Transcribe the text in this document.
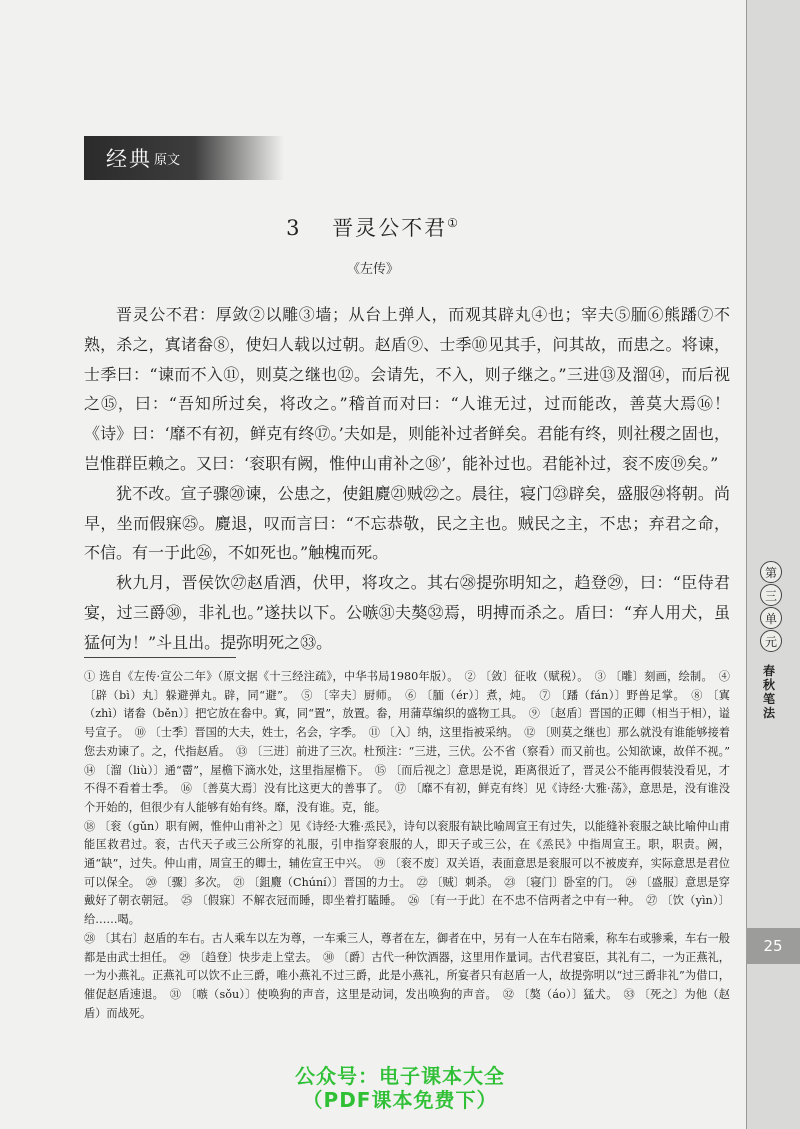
经典 原文
3 晋灵公不君①
《左传》

晋灵公不君：厚敛②以雕③墙；从台上弹人，而观其辟丸④也；宰夫⑤胹⑥熊蹯⑦不熟，杀之，寘诸畚⑧，使妇人载以过朝。赵盾⑨、士季⑩见其手，问其故，而患之。将谏，士季曰：“谏而不入⑪，则莫之继也⑫。会请先，不入，则子继之。”三进⑬及溜⑭，而后视之⑮，曰：“吾知所过矣，将改之。”稽首而对曰：“人谁无过，过而能改，善莫大焉⑯！《诗》曰：‘靡不有初，鲜克有终⑰。’夫如是，则能补过者鲜矣。君能有终，则社稷之固也，岂惟群臣赖之。又曰：‘衮职有阙，惟仲山甫补之⑱’，能补过也。君能补过，衮不废⑲矣。”

犹不改。宣子骤⑳谏，公患之，使鉏麑㉑贼㉒之。晨往，寝门㉓辟矣，盛服㉔将朝。尚早，坐而假寐㉕。麑退，叹而言曰：“不忘恭敬，民之主也。贼民之主，不忠；弃君之命，不信。有一于此㉖，不如死也。”触槐而死。

秋九月，晋侯饮㉗赵盾酒，伏甲，将攻之。其右㉘提弥明知之，趋登㉙，曰：“臣侍君宴，过三爵㉚，非礼也。”遂扶以下。公嗾㉛夫獒㉜焉，明搏而杀之。盾曰：“弃人用犬，虽猛何为！”斗且出。提弥明死之㉝。

① 选自《左传·宣公二年》（原文据《十三经注疏》，中华书局1980年版）。　② 〔敛〕征收（赋税）。　③ 〔雕〕刻画，绘制。　④ 〔辟（bì）丸〕躲避弹丸。辟，同“避”。　⑤ 〔宰夫〕厨师。　⑥ 〔胹（ér）〕煮，炖。　⑦ 〔蹯（fán）〕野兽足掌。　⑧ 〔寘（zhì）诸畚（běn）〕把它放在畚中。寘，同“置”，放置。畚，用蒲草编织的盛物工具。　⑨ 〔赵盾〕晋国的正卿（相当于相），谥号宣子。　⑩ 〔士季〕晋国的大夫，姓士，名会，字季。　⑪ 〔入〕纳，这里指被采纳。　⑫ 〔则莫之继也〕那么就没有谁能够接着您去劝谏了。之，代指赵盾。　⑬ 〔三进〕前进了三次。杜预注：“三进，三伏。公不省（察看）而又前也。公知欲谏，故佯不视。”　⑭ 〔溜（liù）〕通“霤”，屋檐下滴水处，这里指屋檐下。　⑮ 〔而后视之〕意思是说，距离很近了，晋灵公不能再假装没看见，才不得不看着士季。　⑯ 〔善莫大焉〕没有比这更大的善事了。　⑰ 〔靡不有初，鲜克有终〕见《诗经·大雅·荡》，意思是，没有谁没个开始的，但很少有人能够有始有终。靡，没有谁。克，能。

⑱ 〔衮（gǔn）职有阙，惟仲山甫补之〕见《诗经·大雅·烝民》，诗句以衮服有缺比喻周宣王有过失，以能缝补衮服之缺比喻仲山甫能匡救君过。衮，古代天子或三公所穿的礼服，引申指穿衮服的人，即天子或三公，在《烝民》中指周宣王。职，职责。阙，通“缺”，过失。仲山甫，周宣王的卿士，辅佐宣王中兴。　⑲ 〔衮不废〕双关语，表面意思是衮服可以不被废弃，实际意思是君位可以保全。　⑳ 〔骤〕多次。　㉑ 〔鉏麑（Chúní）〕晋国的力士。　㉒ 〔贼〕刺杀。　㉓ 〔寝门〕卧室的门。　㉔ 〔盛服〕意思是穿戴好了朝衣朝冠。　㉕ 〔假寐〕不解衣冠而睡，即坐着打瞌睡。　㉖ 〔有一于此〕在不忠不信两者之中有一种。　㉗ 〔饮（yìn）〕给……喝。

㉘ 〔其右〕赵盾的车右。古人乘车以左为尊，一车乘三人，尊者在左，御者在中，另有一人在车右陪乘，称车右或骖乘，车右一般都是由武士担任。　㉙ 〔趋登〕快步走上堂去。　㉚ 〔爵〕古代一种饮酒器，这里用作量词。古代君宴臣，其礼有二，一为正燕礼，一为小燕礼。正燕礼可以饮不止三爵，唯小燕礼不过三爵，此是小燕礼，所宴者只有赵盾一人，故提弥明以“过三爵非礼”为借口，催促赵盾速退。　㉛ 〔嗾（sǒu）〕使唤狗的声音，这里是动词，发出唤狗的声音。　㉜ 〔獒（áo）〕猛犬。　㉝ 〔死之〕为他（赵盾）而战死。

第
三
单
元
春秋笔法
25
公众号：电子课本大全
（PDF课本免费下）
